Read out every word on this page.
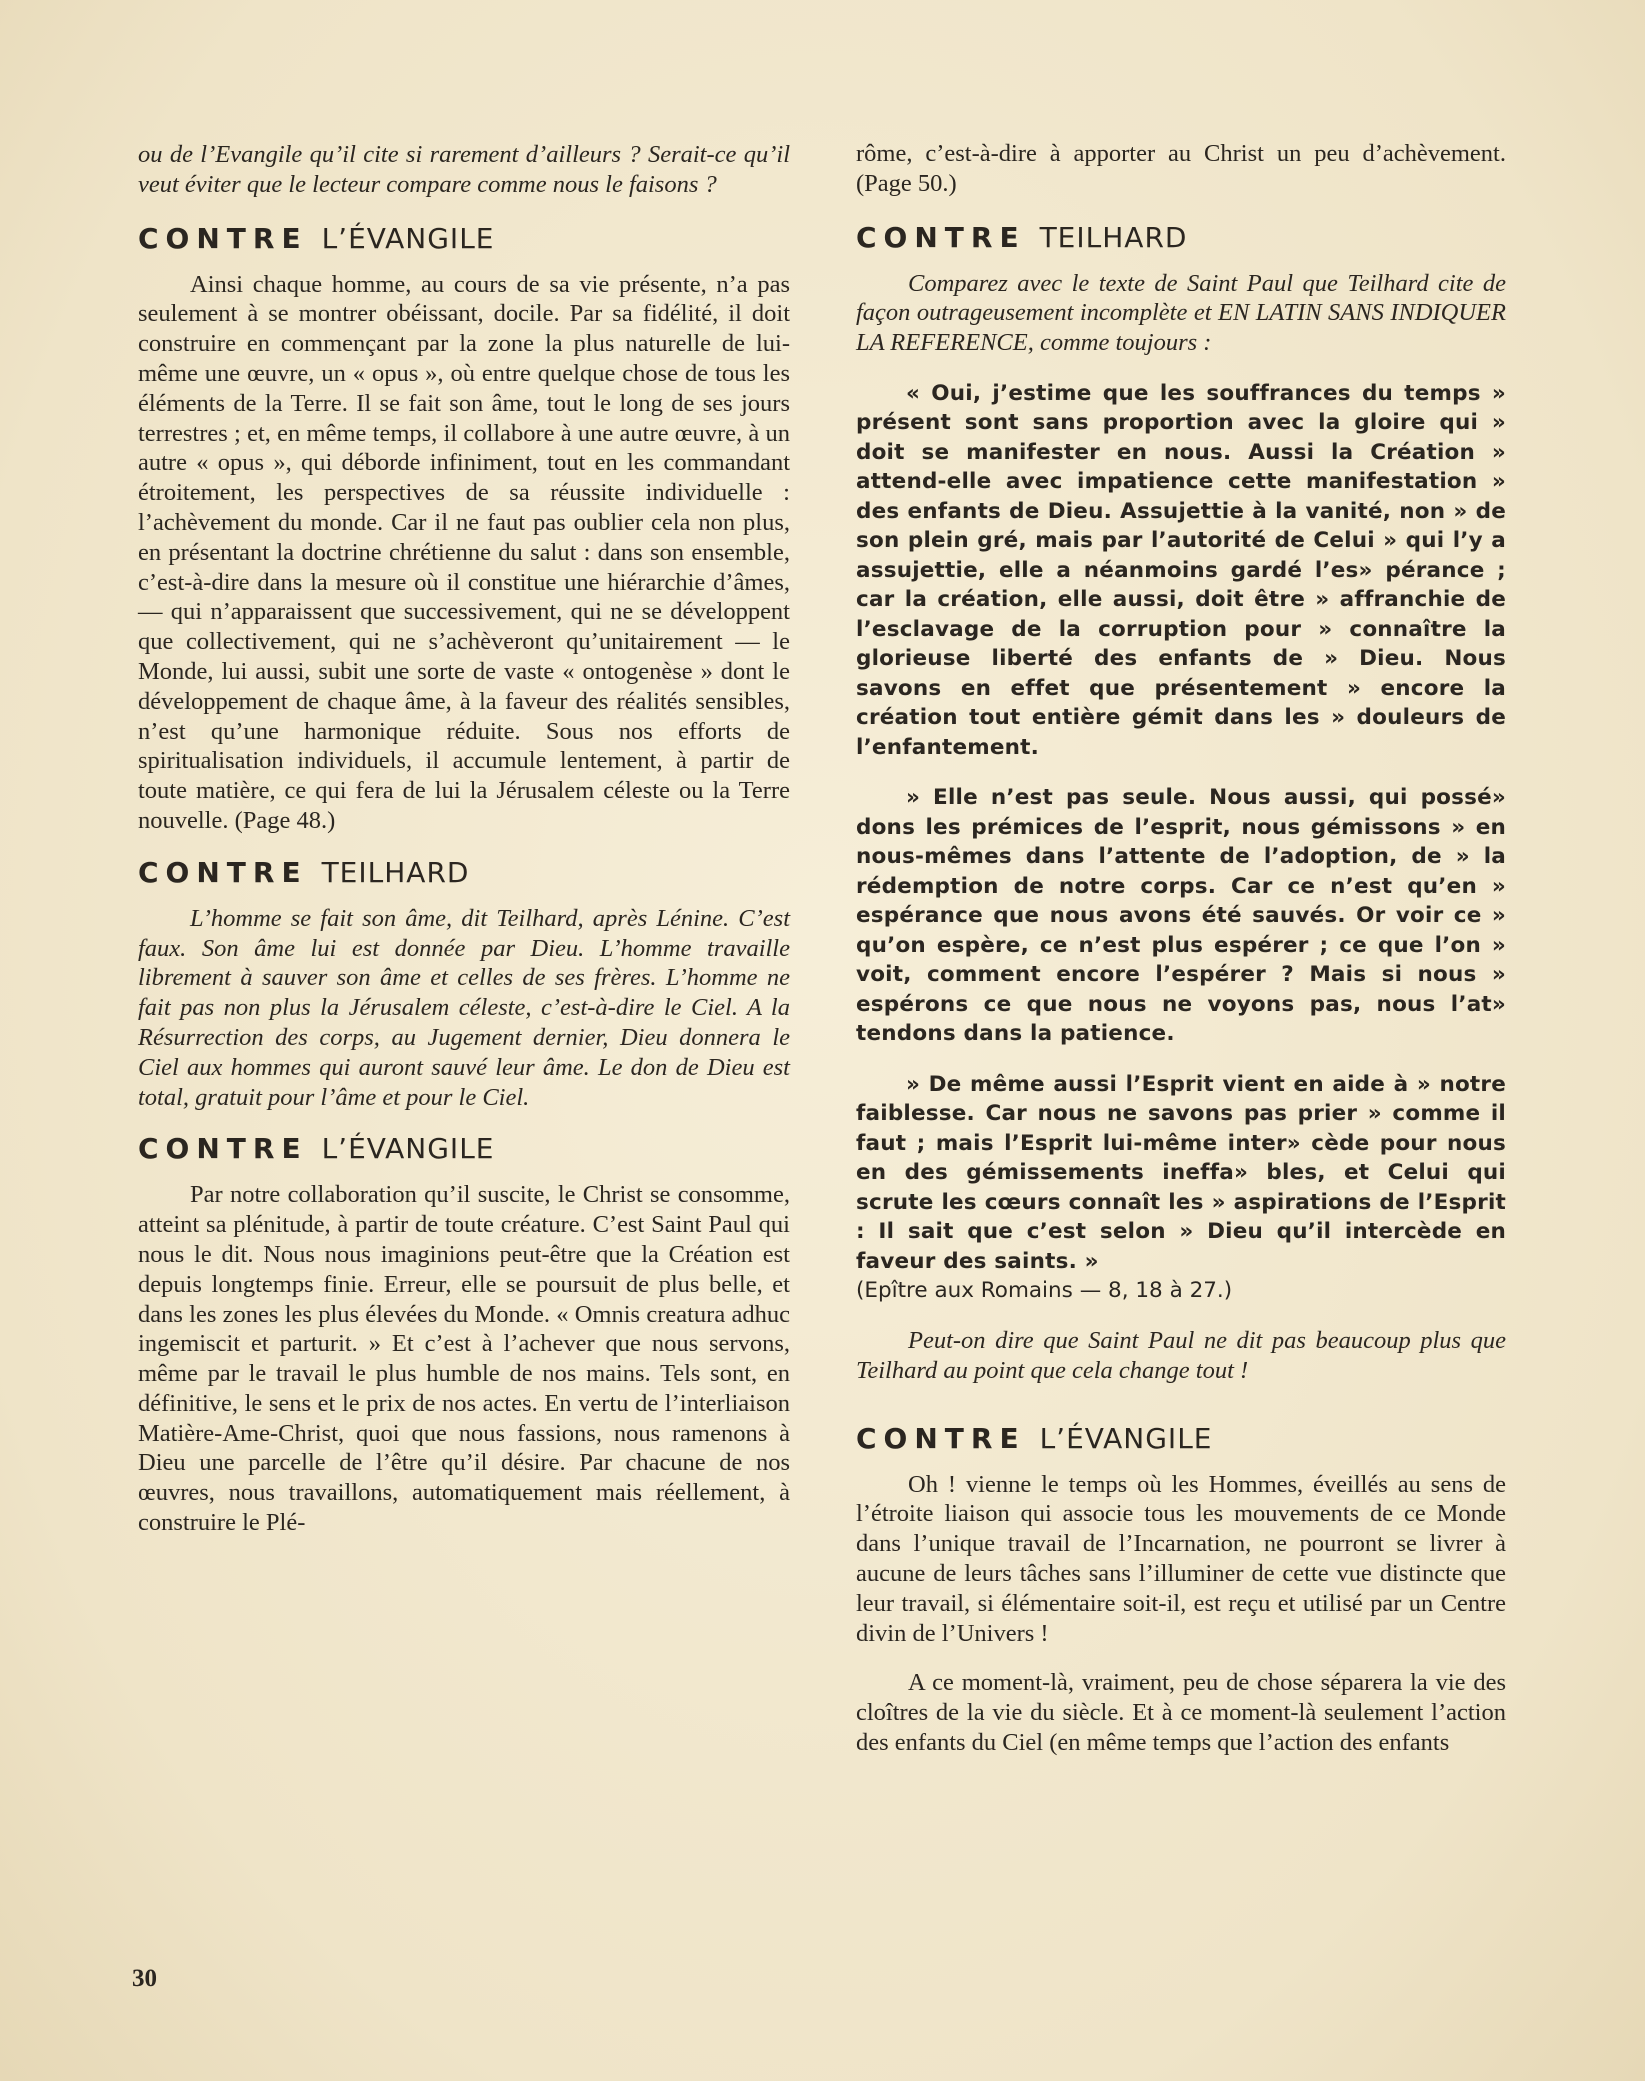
ou de l’Evangile qu’il cite si rarement d’ailleurs ? Serait-ce qu’il veut éviter que le lecteur compare comme nous le faisons ?

CONTRE L’ÉVANGILE

Ainsi chaque homme, au cours de sa vie présente, n’a pas seulement à se montrer obéissant, docile. Par sa fidélité, il doit construire en commençant par la zone la plus naturelle de lui-même une œuvre, un « opus », où entre quelque chose de tous les éléments de la Terre. Il se fait son âme, tout le long de ses jours terrestres ; et, en même temps, il collabore à une autre œuvre, à un autre « opus », qui déborde infiniment, tout en les commandant étroitement, les perspectives de sa réussite individuelle : l’achèvement du monde. Car il ne faut pas oublier cela non plus, en présentant la doctrine chrétienne du salut : dans son ensemble, c’est-à-dire dans la mesure où il constitue une hiérarchie d’âmes, — qui n’apparaissent que successivement, qui ne se développent que collectivement, qui ne s’achèveront qu’unitairement — le Monde, lui aussi, subit une sorte de vaste « ontogenèse » dont le développement de chaque âme, à la faveur des réalités sensibles, n’est qu’une harmonique réduite. Sous nos efforts de spiritualisation individuels, il accumule lentement, à partir de toute matière, ce qui fera de lui la Jérusalem céleste ou la Terre nouvelle. (Page 48.)

CONTRE TEILHARD

L’homme se fait son âme, dit Teilhard, après Lénine. C’est faux. Son âme lui est donnée par Dieu. L’homme travaille librement à sauver son âme et celles de ses frères. L’homme ne fait pas non plus la Jérusalem céleste, c’est-à-dire le Ciel. A la Résurrection des corps, au Jugement dernier, Dieu donnera le Ciel aux hommes qui auront sauvé leur âme. Le don de Dieu est total, gratuit pour l’âme et pour le Ciel.

CONTRE L’ÉVANGILE

Par notre collaboration qu’il suscite, le Christ se consomme, atteint sa plénitude, à partir de toute créature. C’est Saint Paul qui nous le dit. Nous nous imaginions peut-être que la Création est depuis longtemps finie. Erreur, elle se poursuit de plus belle, et dans les zones les plus élevées du Monde. « Omnis creatura adhuc ingemiscit et parturit. » Et c’est à l’achever que nous servons, même par le travail le plus humble de nos mains. Tels sont, en définitive, le sens et le prix de nos actes. En vertu de l’interliaison Matière-Ame-Christ, quoi que nous fassions, nous ramenons à Dieu une parcelle de l’être qu’il désire. Par chacune de nos œuvres, nous travaillons, automatiquement mais réellement, à construire le Plé-

rôme, c’est-à-dire à apporter au Christ un peu d’achèvement. (Page 50.)

CONTRE TEILHARD

Comparez avec le texte de Saint Paul que Teilhard cite de façon outrageusement incomplète et EN LATIN SANS INDIQUER LA REFERENCE, comme toujours :

« Oui, j’estime que les souffrances du temps » présent sont sans proportion avec la gloire qui » doit se manifester en nous. Aussi la Création » attend-elle avec impatience cette manifestation » des enfants de Dieu. Assujettie à la vanité, non » de son plein gré, mais par l’autorité de Celui » qui l’y a assujettie, elle a néanmoins gardé l’es» pérance ; car la création, elle aussi, doit être » affranchie de l’esclavage de la corruption pour » connaître la glorieuse liberté des enfants de » Dieu. Nous savons en effet que présentement » encore la création tout entière gémit dans les » douleurs de l’enfantement.

» Elle n’est pas seule. Nous aussi, qui possé» dons les prémices de l’esprit, nous gémissons » en nous-mêmes dans l’attente de l’adoption, de » la rédemption de notre corps. Car ce n’est qu’en » espérance que nous avons été sauvés. Or voir ce » qu’on espère, ce n’est plus espérer ; ce que l’on » voit, comment encore l’espérer ? Mais si nous » espérons ce que nous ne voyons pas, nous l’at» tendons dans la patience.

» De même aussi l’Esprit vient en aide à » notre faiblesse. Car nous ne savons pas prier » comme il faut ; mais l’Esprit lui-même inter» cède pour nous en des gémissements ineffa» bles, et Celui qui scrute les cœurs connaît les » aspirations de l’Esprit : Il sait que c’est selon » Dieu qu’il intercède en faveur des saints. »

(Epître aux Romains — 8, 18 à 27.)

Peut-on dire que Saint Paul ne dit pas beaucoup plus que Teilhard au point que cela change tout !

CONTRE L’ÉVANGILE

Oh ! vienne le temps où les Hommes, éveillés au sens de l’étroite liaison qui associe tous les mouvements de ce Monde dans l’unique travail de l’Incarnation, ne pourront se livrer à aucune de leurs tâches sans l’illuminer de cette vue distincte que leur travail, si élémentaire soit-il, est reçu et utilisé par un Centre divin de l’Univers !

A ce moment-là, vraiment, peu de chose séparera la vie des cloîtres de la vie du siècle. Et à ce moment-là seulement l’action des enfants du Ciel (en même temps que l’action des enfants

30
